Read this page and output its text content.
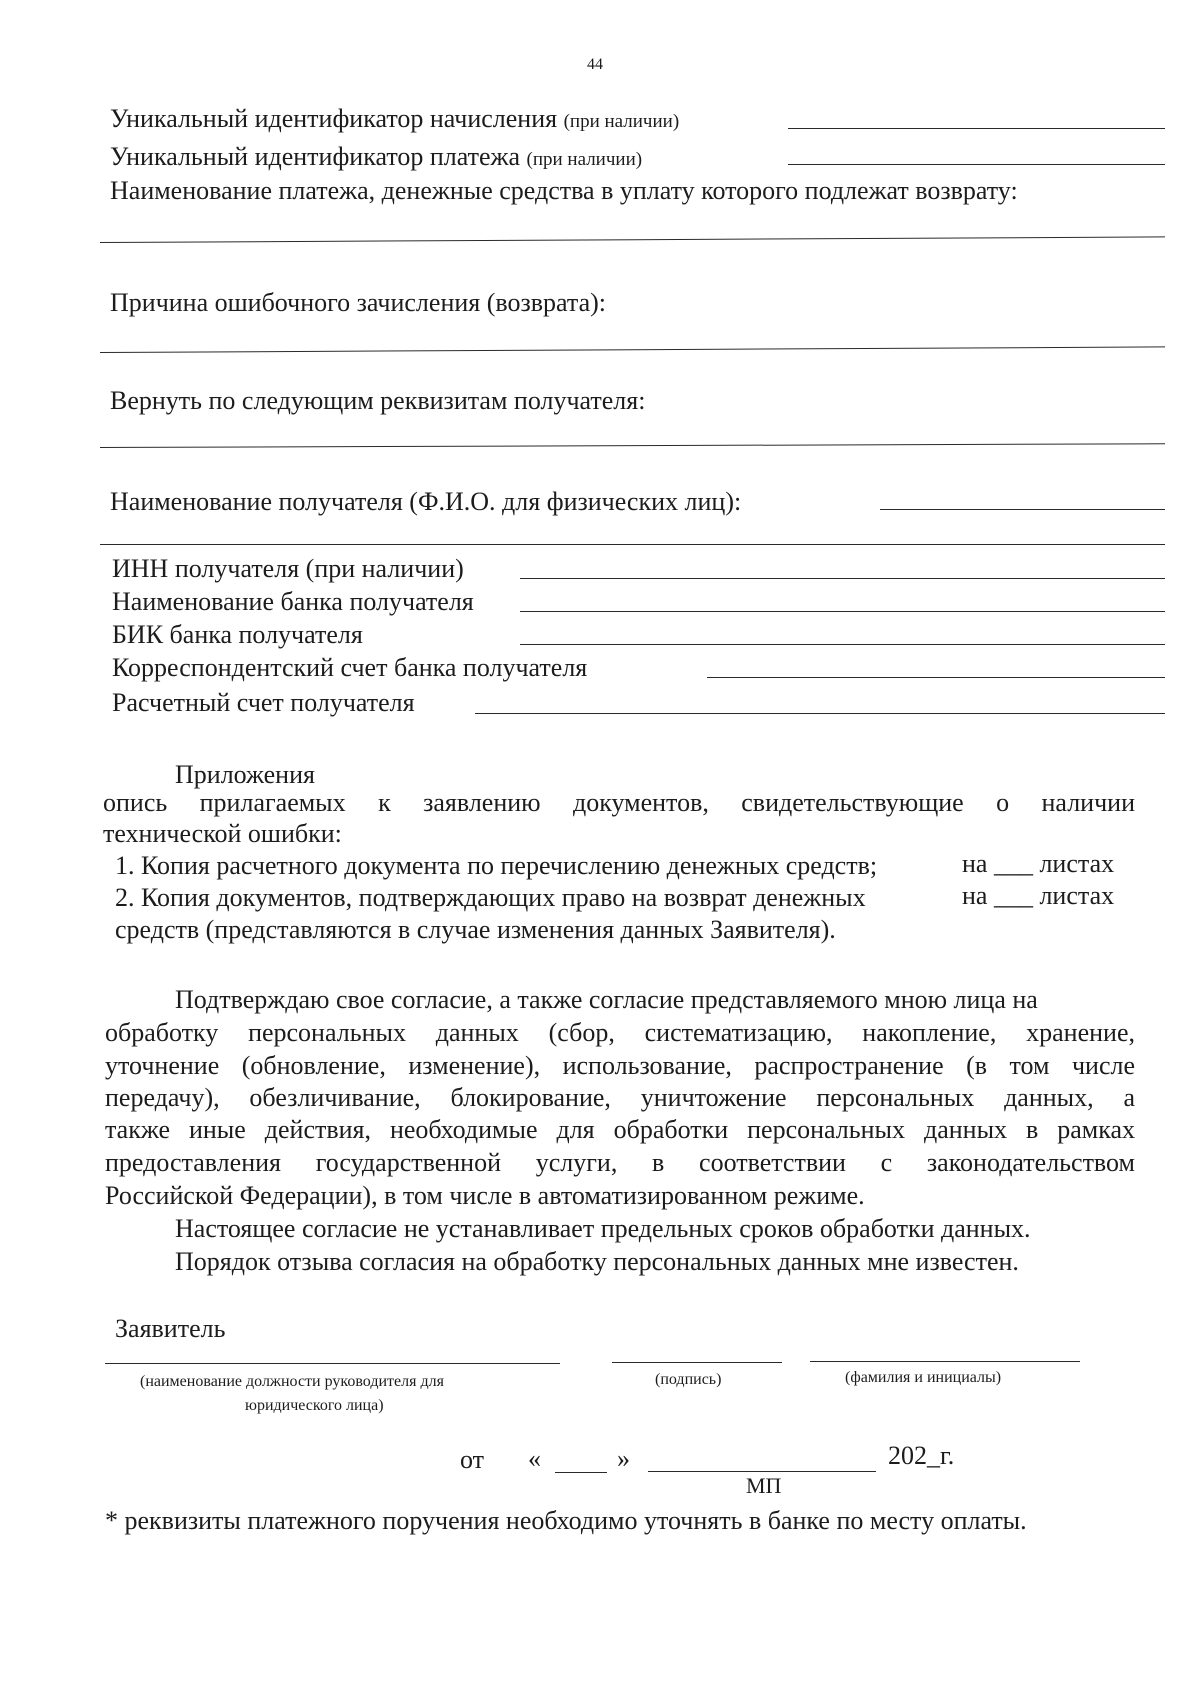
44
Уникальный идентификатор начисления (при наличии)
Уникальный идентификатор платежа (при наличии)
Наименование платежа, денежные средства в уплату которого подлежат возврату:
Причина ошибочного зачисления (возврата):
Вернуть по следующим реквизитам получателя:
Наименование получателя (Ф.И.О. для физических лиц):
ИНН получателя (при наличии)
Наименование банка получателя
БИК банка получателя
Корреспондентский счет банка получателя
Расчетный счет получателя
Приложения
опись прилагаемых к заявлению документов, свидетельствующие о наличии
технической ошибки:
1. Копия расчетного документа по перечислению денежных средств;	на ___ листах
2. Копия документов, подтверждающих право на возврат денежных	на ___ листах
средств (представляются в случае изменения данных Заявителя).
Подтверждаю свое согласие, а также согласие представляемого мною лица на
обработку персональных данных (сбор, систематизацию, накопление, хранение,
уточнение (обновление, изменение), использование, распространение (в том числе
передачу), обезличивание, блокирование, уничтожение персональных данных, а
также иные действия, необходимые для обработки персональных данных в рамках
предоставления государственной услуги, в соответствии с законодательством
Российской Федерации), в том числе в автоматизированном режиме.
Настоящее согласие не устанавливает предельных сроков обработки данных.
Порядок отзыва согласия на обработку персональных данных мне известен.
Заявитель
(наименование должности руководителя для
юридического лица)
(подпись)	(фамилия и инициалы)
от «	»	202_г.
МП
* реквизиты платежного поручения необходимо уточнять в банке по месту оплаты.
